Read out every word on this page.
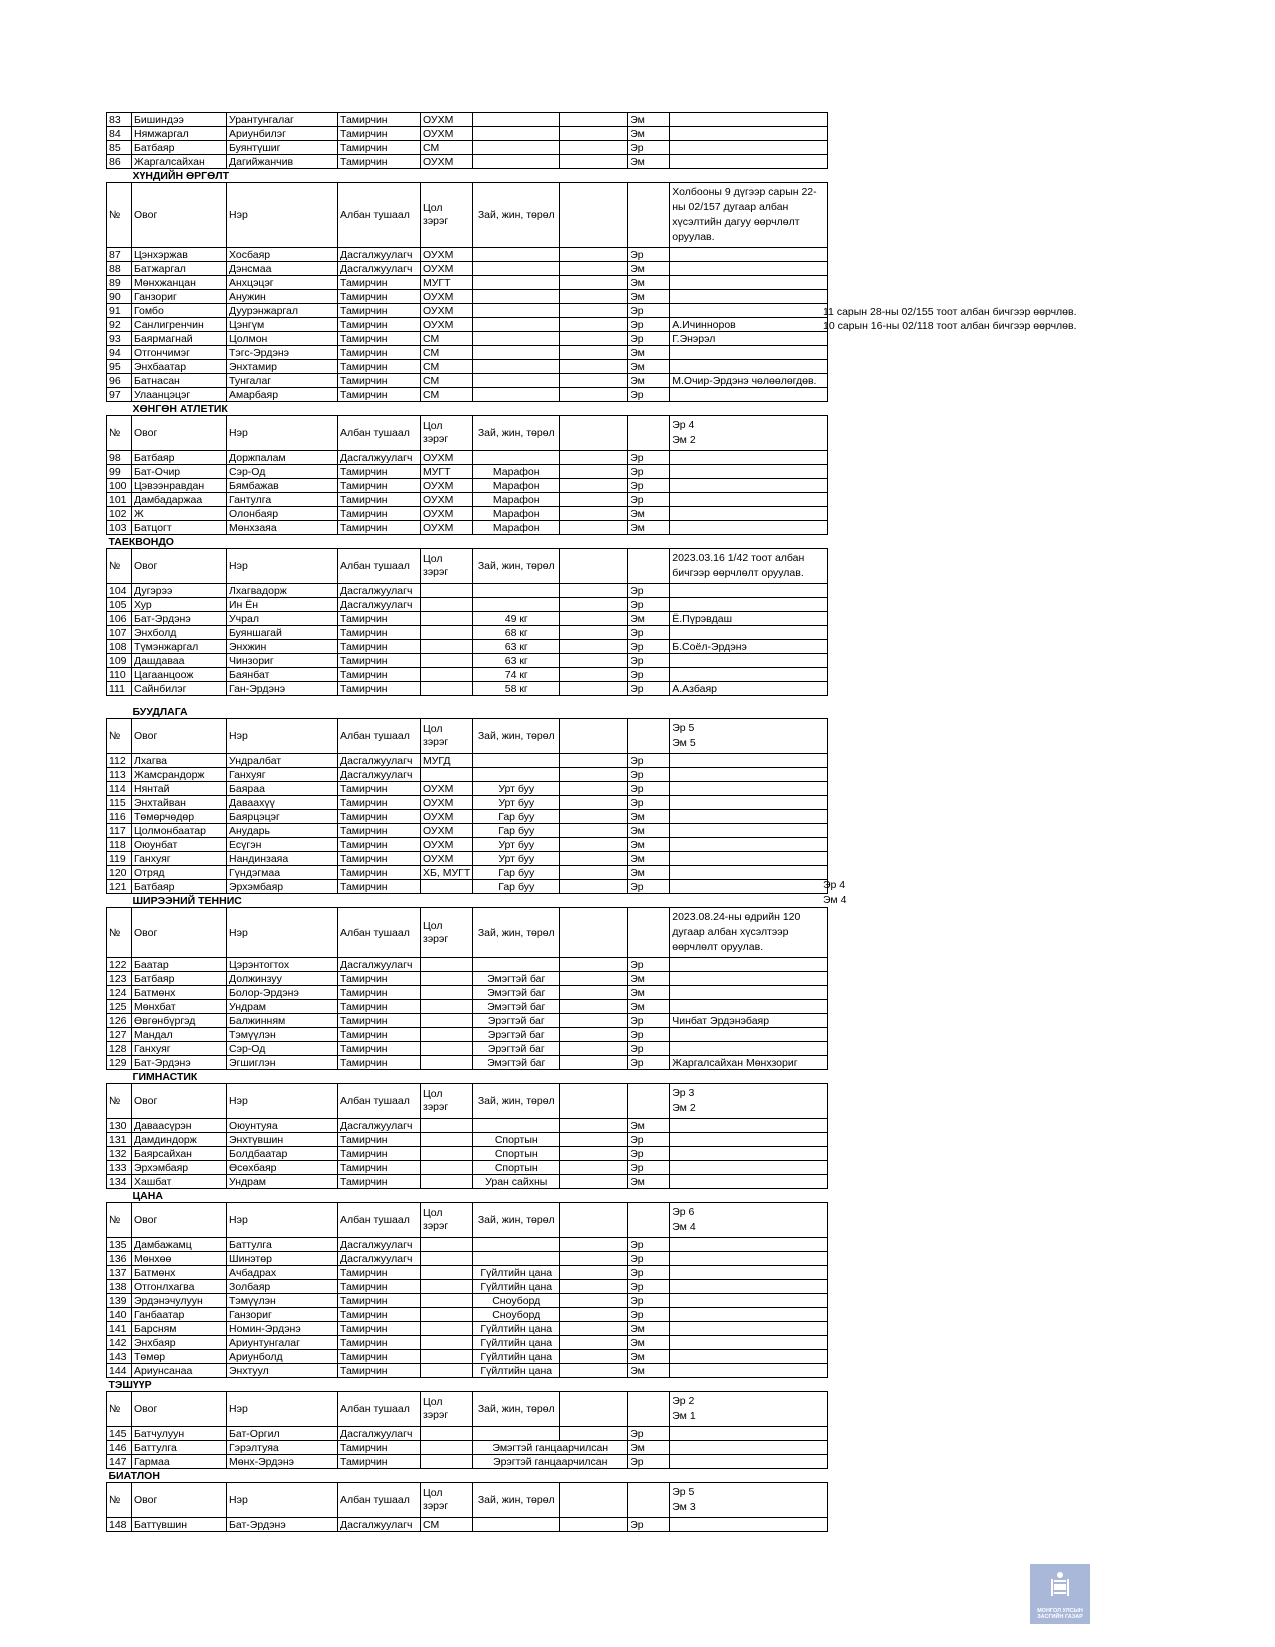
83	Бишиндээ	Урантунгалаг	Тамирчин	ОУХМ			Эм	
84	Нямжаргал	Ариунбилэг	Тамирчин	ОУХМ			Эм	
85	Батбаяр	Буянтүшиг	Тамирчин	СМ			Эр	
86	Жаргалсайхан	Дагийжанчив	Тамирчин	ОУХМ			Эм	
ХҮНДИЙН ӨРГӨЛТ								
№	Овог	Нэр	Албан тушаал	Цол зэрэг	Зай, жин, төрөл			Холбооны 9 дүгээр сарын 22-ны 02/157 дугаар албан хүсэлтийн дагуу өөрчлөлт оруулав.
87	Цэнхэржав	Хосбаяр	Дасгалжуулагч	ОУХМ			Эр	
88	Батжаргал	Дэнсмаа	Дасгалжуулагч	ОУХМ			Эм	
89	Мөнхжанцан	Анхцэцэг	Тамирчин	МУГТ			Эм	
90	Ганзориг	Анужин	Тамирчин	ОУХМ			Эм	
91	Гомбо	Дуурэнжаргал	Тамирчин	ОУХМ			Эр	
92	Санлигренчин	Цэнгүм	Тамирчин	ОУХМ			Эр	А.Ичинноров
93	Баярмагнай	Цолмон	Тамирчин	СМ			Эр	Г.Энэрэл
94	Отгончимэг	Тэгс-Эрдэнэ	Тамирчин	СМ			Эм	
95	Энхбаатар	Энхтамир	Тамирчин	СМ			Эм	
96	Батнасан	Тунгалаг	Тамирчин	СМ			Эм	М.Очир-Эрдэнэ чөлөөлөгдөв.
97	Улаанцэцэг	Амарбаяр	Тамирчин	СМ			Эр	
ХӨНГӨН АТЛЕТИК								
№	Овог	Нэр	Албан тушаал	Цол зэрэг	Зай, жин, төрөл			Эр 4
Эм 2
98	Батбаяр	Доржпалам	Дасгалжуулагч	ОУХМ			Эр	
99	Бат-Очир	Сэр-Од	Тамирчин	МУГТ	Марафон		Эр	
100	Цэвээнравдан	Бямбажав	Тамирчин	ОУХМ	Марафон		Эр	
101	Дамбадаржаа	Гантулга	Тамирчин	ОУХМ	Марафон		Эр	
102	Ж	Олонбаяр	Тамирчин	ОУХМ	Марафон		Эм	
103	Батцогт	Мөнхзаяа	Тамирчин	ОУХМ	Марафон		Эм	
ТАЕКВОНДО								
№	Овог	Нэр	Албан тушаал	Цол зэрэг	Зай, жин, төрөл			2023.03.16 1/42 тоот албан бичгээр өөрчлөлт оруулав.
104	Дугэрээ	Лхагвадорж	Дасгалжуулагч				Эр	
105	Хур	Ин Ён	Дасгалжуулагч				Эр	
106	Бат-Эрдэнэ	Учрал	Тамирчин		49 кг		Эм	Ё.Пүрэвдаш
107	Энхболд	Буяншагай	Тамирчин		68 кг		Эр	
108	Түмэнжаргал	Энхжин	Тамирчин		63 кг		Эр	Б.Соёл-Эрдэнэ
109	Дашдаваа	Чинзориг	Тамирчин		63 кг		Эр	
110	Цагаанцоож	Баянбат	Тамирчин		74 кг		Эр	
111	Сайнбилэг	Ган-Эрдэнэ	Тамирчин		58 кг		Эр	А.Азбаяр
БУУДЛАГА								
№	Овог	Нэр	Албан тушаал	Цол зэрэг	Зай, жин, төрөл			Эр 5
Эм 5
112	Лхагва	Ундралбат	Дасгалжуулагч	МУГД			Эр	
113	Жамсрандорж	Ганхуяг	Дасгалжуулагч				Эр	
114	Нянтай	Баяраа	Тамирчин	ОУХМ	Урт буу		Эр	
115	Энхтайван	Даваахүү	Тамирчин	ОУХМ	Урт буу		Эр	
116	Төмөрчөдөр	Баярцэцэг	Тамирчин	ОУХМ	Гар буу		Эм	
117	Цолмонбаатар	Анударь	Тамирчин	ОУХМ	Гар буу		Эм	
118	Оюунбат	Есүгэн	Тамирчин	ОУХМ	Урт буу		Эм	
119	Ганхуяг	Нандинзаяа	Тамирчин	ОУХМ	Урт буу		Эм	
120	Отряд	Гүндэгмаа	Тамирчин	ХБ, МУГТ	Гар буу		Эм	
121	Батбаяр	Эрхэмбаяр	Тамирчин		Гар буу		Эр	
ШИРЭЭНИЙ ТЕННИС								
№	Овог	Нэр	Албан тушаал	Цол зэрэг	Зай, жин, төрөл			2023.08.24-ны өдрийн 120 дугаар албан хүсэлтээр өөрчлөлт оруулав.
122	Баатар	Цэрэнтогтох	Дасгалжуулагч				Эр	
123	Батбаяр	Должинзуу	Тамирчин		Эмэгтэй баг		Эм	
124	Батмөнх	Болор-Эрдэнэ	Тамирчин		Эмэгтэй баг		Эм	
125	Мөнхбат	Ундрам	Тамирчин		Эмэгтэй баг		Эм	
126	Өвгөнбүргэд	Балжинням	Тамирчин		Эрэгтэй баг		Эр	Чинбат Эрдэнэбаяр
127	Мандал	Тэмүүлэн	Тамирчин		Эрэгтэй баг		Эр	
128	Ганхуяг	Сэр-Од	Тамирчин		Эрэгтэй баг		Эр	
129	Бат-Эрдэнэ	Эгшиглэн	Тамирчин		Эмэгтэй баг		Эр	Жаргалсайхан Мөнхзориг
ГИМНАСТИК								
№	Овог	Нэр	Албан тушаал	Цол зэрэг	Зай, жин, төрөл			Эр 3
Эм 2
130	Даваасүрэн	Оюунтуяа	Дасгалжуулагч				Эм	
131	Дамдиндорж	Энхтүвшин	Тамирчин		Спортын		Эр	
132	Баярсайхан	Болдбаатар	Тамирчин		Спортын		Эр	
133	Эрхэмбаяр	Өсөхбаяр	Тамирчин		Спортын		Эр	
134	Хашбат	Ундрам	Тамирчин		Уран сайхны		Эм	
ЦАНА								
№	Овог	Нэр	Албан тушаал	Цол зэрэг	Зай, жин, төрөл			Эр 6
Эм 4
135	Дамбажамц	Баттулга	Дасгалжуулагч				Эр	
136	Мөнхөө	Шинэтөр	Дасгалжуулагч				Эр	
137	Батмөнх	Ачбадрах	Тамирчин		Гүйлтийн цана		Эр	
138	Отгонлхагва	Золбаяр	Тамирчин		Гүйлтийн цана		Эр	
139	Эрдэнэчулуун	Тэмүүлэн	Тамирчин		Сноуборд		Эр	
140	Ганбаатар	Ганзориг	Тамирчин		Сноуборд		Эр	
141	Барсням	Номин-Эрдэнэ	Тамирчин		Гүйлтийн цана		Эм	
142	Энхбаяр	Ариунтунгалаг	Тамирчин		Гүйлтийн цана		Эм	
143	Төмөр	Ариунболд	Тамирчин		Гүйлтийн цана		Эм	
144	Ариунсанаа	Энхтуул	Тамирчин		Гүйлтийн цана		Эм	
ТЭШҮҮР								
№	Овог	Нэр	Албан тушаал	Цол зэрэг	Зай, жин, төрөл			Эр 2
Эм 1
145	Батчулуун	Бат-Оргил	Дасгалжуулагч				Эр	
146	Баттулга	Гэрэлтуяа	Тамирчин		Эмэгтэй ганцаарчилсан		Эм	
147	Гармаа	Мөнх-Эрдэнэ	Тамирчин		Эрэгтэй ганцаарчилсан		Эр	
БИАТЛОН								
№	Овог	Нэр	Албан тушаал	Цол зэрэг	Зай, жин, төрөл			Эр 5
Эм 3
148	Баттүвшин	Бат-Эрдэнэ	Дасгалжуулагч	СМ			Эр	
11 сарын 28-ны 02/155 тоот албан бичгээр өөрчлөв.
10 сарын 16-ны 02/118 тоот албан бичгээр өөрчлөв.
Эр 4
Эм 4
МОНГОЛ УЛСЫН
ЗАСГИЙН ГАЗАР
